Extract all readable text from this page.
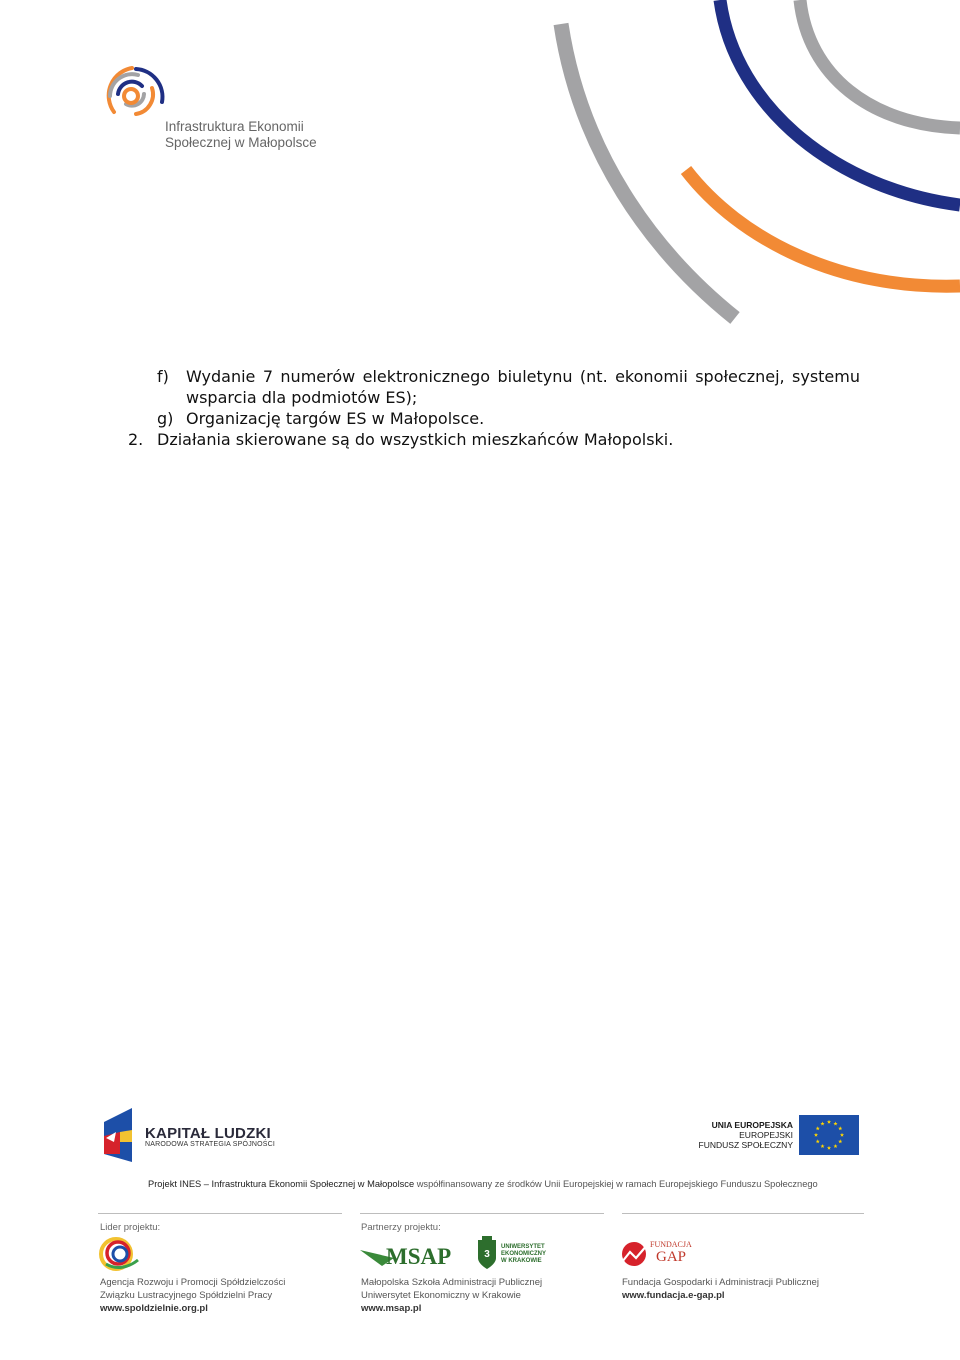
Infrastruktura Ekonomii
Społecznej w Małopolsce
f)	Wydanie 7 numerów elektronicznego biuletynu (nt. ekonomii społecznej, systemu
wsparcia dla podmiotów ES);
g) Organizację targów ES w Małopolsce.
2. Działania skierowane są do wszystkich mieszkańców Małopolski.
KAPITAŁ LUDZKI
NARODOWA STRATEGIA SPÓJNOŚCI
UNIA EUROPEJSKA
EUROPEJSKI
FUNDUSZ SPOŁECZNY
Projekt INES – Infrastruktura Ekonomii Społecznej w Małopolsce współfinansowany ze środków Unii Europejskiej w ramach Europejskiego Funduszu Społecznego
Lider projektu:
Agencja Rozwoju i Promocji Spółdzielczości
Związku Lustracyjnego Spółdzielni Pracy
www.spoldzielnie.org.pl
Partnerzy projektu:
MSAP	3
UNIWERSYTET
EKONOMICZNY
W KRAKOWIE
Małopolska Szkoła Administracji Publicznej
Uniwersytet Ekonomiczny w Krakowie
www.msap.pl
FUNDACJA
GAP
Fundacja Gospodarki i Administracji Publicznej
www.fundacja.e-gap.pl
